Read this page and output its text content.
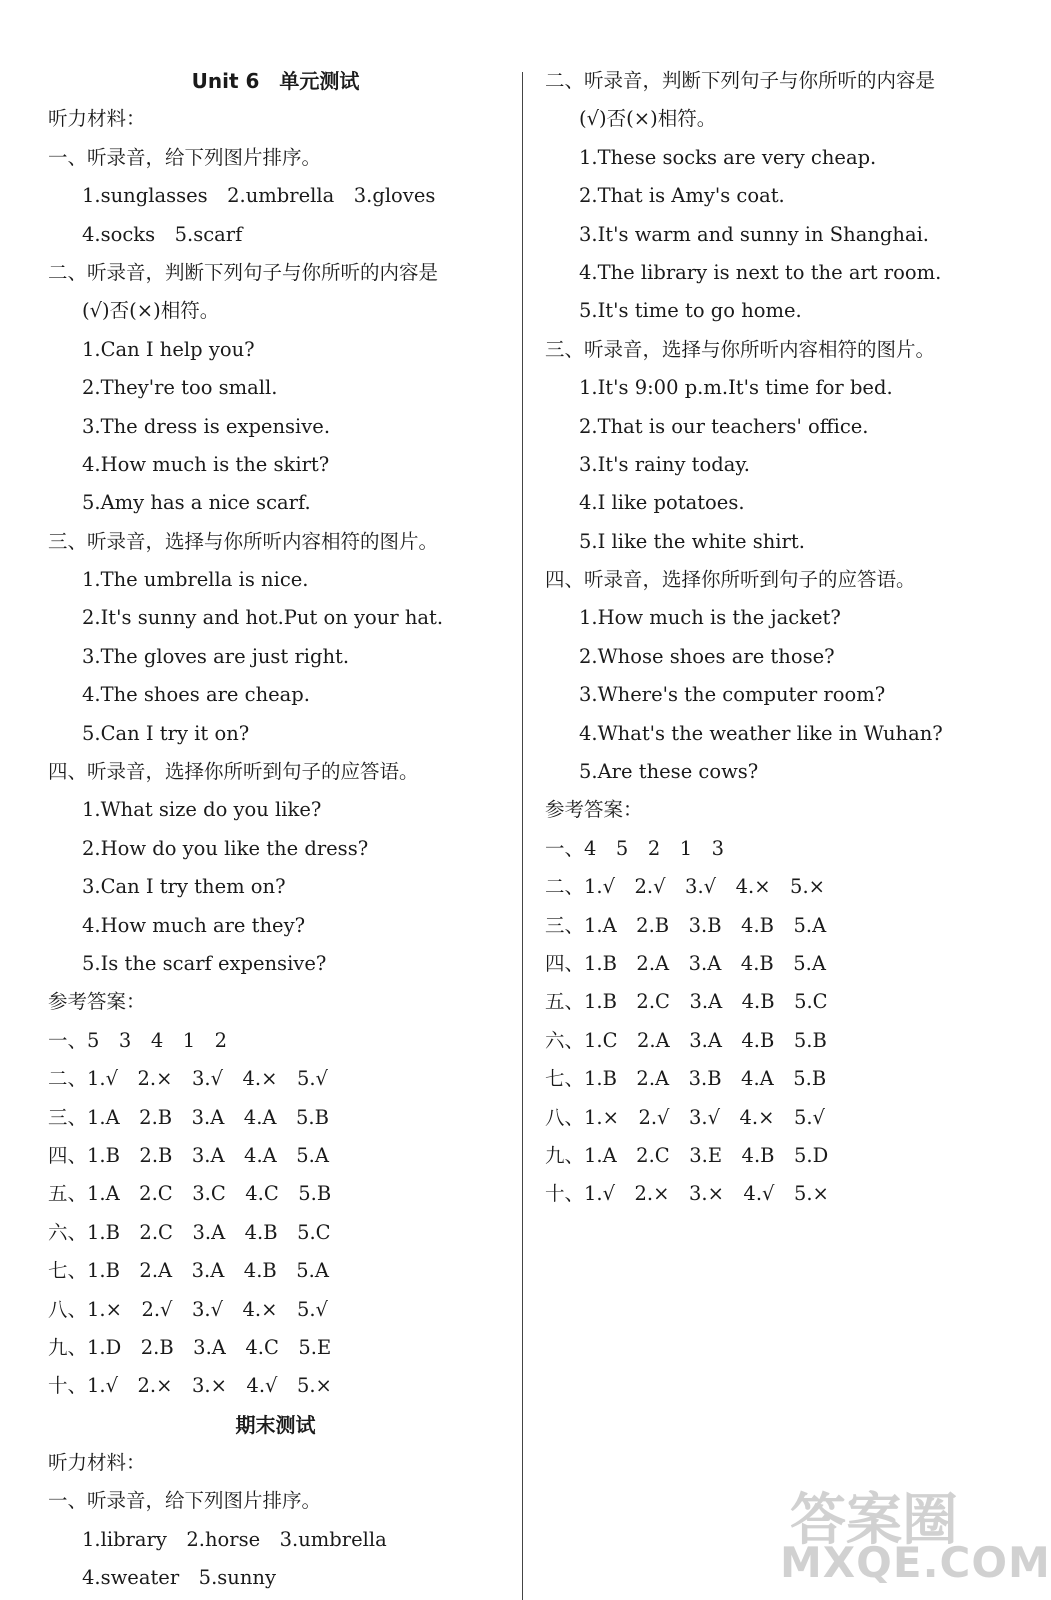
Unit 6　单元测试
听力材料：
一、听录音，给下列图片排序。
1.sunglasses　2.umbrella　3.gloves
4.socks　5.scarf
二、听录音，判断下列句子与你所听的内容是
(√)否(×)相符。
1.Can I help you?
2.They're too small.
3.The dress is expensive.
4.How much is the skirt?
5.Amy has a nice scarf.
三、听录音，选择与你所听内容相符的图片。
1.The umbrella is nice.
2.It's sunny and hot.Put on your hat.
3.The gloves are just right.
4.The shoes are cheap.
5.Can I try it on?
四、听录音，选择你所听到句子的应答语。
1.What size do you like?
2.How do you like the dress?
3.Can I try them on?
4.How much are they?
5.Is the scarf expensive?
参考答案：
一、5　3　4　1　2
二、1.√　2.×　3.√　4.×　5.√
三、1.A　2.B　3.A　4.A　5.B
四、1.B　2.B　3.A　4.A　5.A
五、1.A　2.C　3.C　4.C　5.B
六、1.B　2.C　3.A　4.B　5.C
七、1.B　2.A　3.A　4.B　5.A
八、1.×　2.√　3.√　4.×　5.√
九、1.D　2.B　3.A　4.C　5.E
十、1.√　2.×　3.×　4.√　5.×
期末测试
听力材料：
一、听录音，给下列图片排序。
1.library　2.horse　3.umbrella
4.sweater　5.sunny
二、听录音，判断下列句子与你所听的内容是
(√)否(×)相符。
1.These socks are very cheap.
2.That is Amy's coat.
3.It's warm and sunny in Shanghai.
4.The library is next to the art room.
5.It's time to go home.
三、听录音，选择与你所听内容相符的图片。
1.It's 9:00 p.m.It's time for bed.
2.That is our teachers' office.
3.It's rainy today.
4.I like potatoes.
5.I like the white shirt.
四、听录音，选择你所听到句子的应答语。
1.How much is the jacket?
2.Whose shoes are those?
3.Where's the computer room?
4.What's the weather like in Wuhan?
5.Are these cows?
参考答案：
一、4　5　2　1　3
二、1.√　2.√　3.√　4.×　5.×
三、1.A　2.B　3.B　4.B　5.A
四、1.B　2.A　3.A　4.B　5.A
五、1.B　2.C　3.A　4.B　5.C
六、1.C　2.A　3.A　4.B　5.B
七、1.B　2.A　3.B　4.A　5.B
八、1.×　2.√　3.√　4.×　5.√
九、1.A　2.C　3.E　4.B　5.D
十、1.√　2.×　3.×　4.√　5.×
答案圈
MXQE.COM
